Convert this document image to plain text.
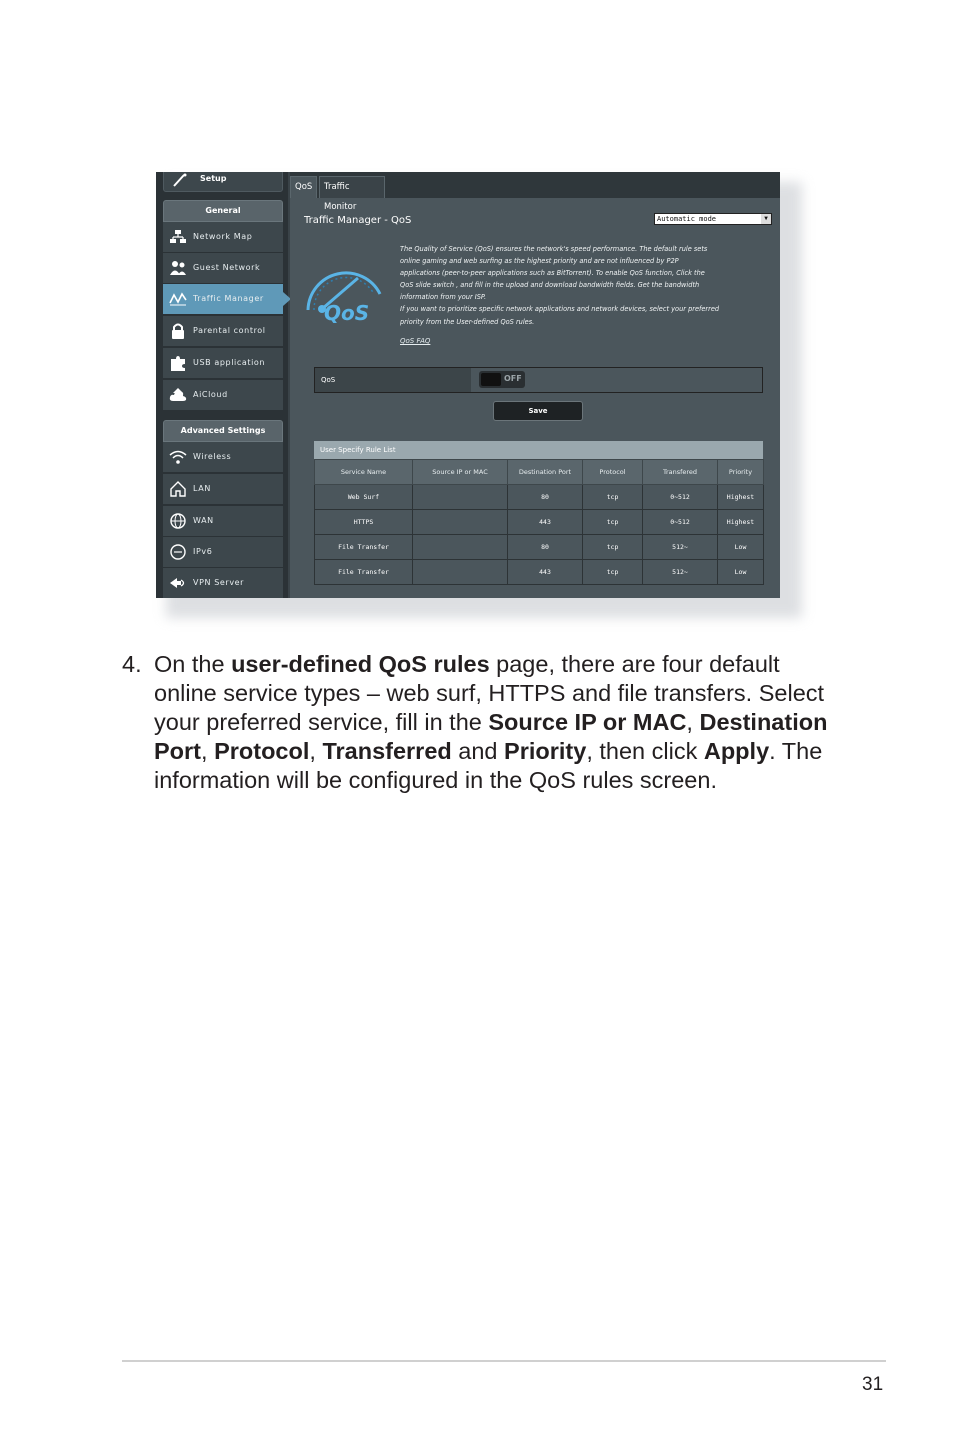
Setup
General
Network Map
Guest Network
Traffic Manager
Parental control
USB application
AiCloud
Advanced Settings
Wireless
LAN
WAN
IPv6
VPN Server
QoS	Traffic Monitor
Traffic Manager - QoS	Automatic mode	▼
QoS
The Quality of Service (QoS) ensures the network's speed performance. The default rule sets online gaming and web surfing as the highest priority and are not influenced by P2P applications (peer-to-peer applications such as BitTorrent). To enable QoS function, Click the QoS slide switch , and fill in the upload and download bandwidth fields. Get the bandwidth information from your ISP.
If you want to prioritize specific network applications and network devices, select your preferred priority from the User-defined QoS rules.
QoS FAQ
QoS	OFF
Save
User Specify Rule List
Service Name	Source IP or MAC	Destination Port	Protocol	Transfered	Priority
Web Surf		80	tcp	0~512	Highest
HTTPS		443	tcp	0~512	Highest
File Transfer		80	tcp	512~	Low
File Transfer		443	tcp	512~	Low
4. On the user-defined QoS rules page, there are four default online service types – web surf, HTTPS and file transfers. Select your preferred service, fill in the Source IP or MAC, Destination Port, Protocol, Transferred and Priority, then click Apply. The information will be configured in the QoS rules screen.
31
